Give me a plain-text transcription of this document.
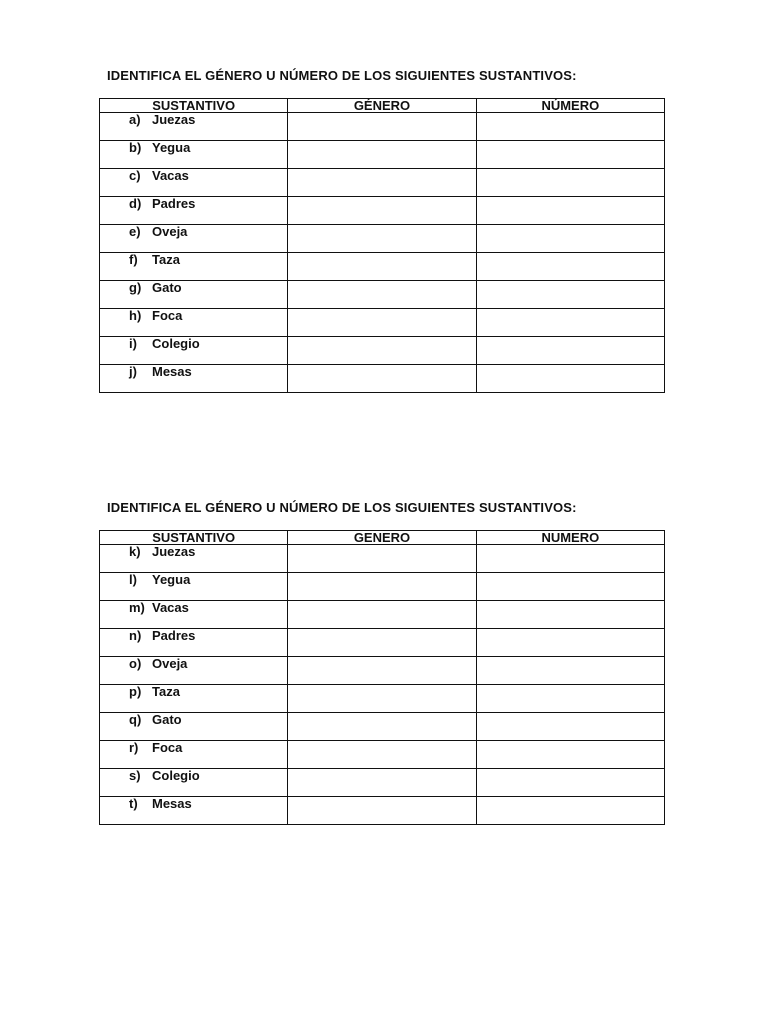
IDENTIFICA EL GÉNERO U NÚMERO DE LOS SIGUIENTES SUSTANTIVOS:
SUSTANTIVO	GÉNERO	NÚMERO

a) Juezas		

b) Yegua		

c) Vacas		

d) Padres		

e) Oveja		

f) Taza		

g) Gato		

h) Foca		

i) Colegio		

j) Mesas		

IDENTIFICA EL GÉNERO U NÚMERO DE LOS SIGUIENTES SUSTANTIVOS:
SUSTANTIVO	GENERO	NUMERO

k) Juezas		

l) Yegua		

m) Vacas		

n) Padres		

o) Oveja		

p) Taza		

q) Gato		

r) Foca		

s) Colegio		

t) Mesas		
